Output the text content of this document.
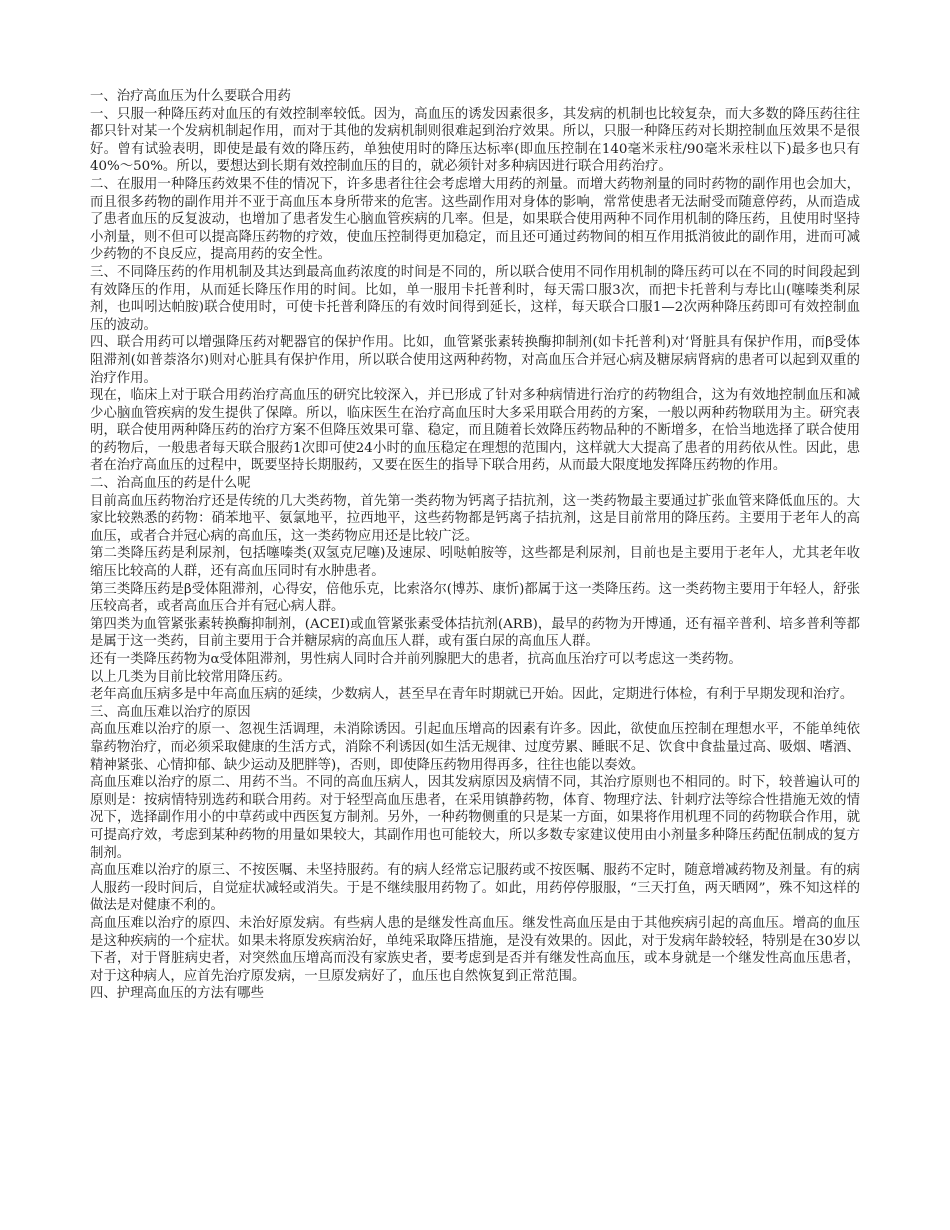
一、治疗高血压为什么要联合用药

一、只服一种降压药对血压的有效控制率较低。因为，高血压的诱发因素很多，其发病的机制也比较复杂，而大多数的降压药往往都只针对某一个发病机制起作用，而对于其他的发病机制则很难起到治疗效果。所以，只服一种降压药对长期控制血压效果不是很好。曾有试验表明，即使是最有效的降压药，单独使用时的降压达标率(即血压控制在140毫米汞柱/90毫米汞柱以下)最多也只有40%～50%。所以，要想达到长期有效控制血压的目的，就必须针对多种病因进行联合用药治疗。

二、在服用一种降压药效果不佳的情况下，许多患者往往会考虑增大用药的剂量。而增大药物剂量的同时药物的副作用也会加大，而且很多药物的副作用并不亚于高血压本身所带来的危害。这些副作用对身体的影响，常常使患者无法耐受而随意停药，从而造成了患者血压的反复波动，也增加了患者发生心脑血管疾病的几率。但是，如果联合使用两种不同作用机制的降压药，且使用时坚持小剂量，则不但可以提高降压药物的疗效，使血压控制得更加稳定，而且还可通过药物间的相互作用抵消彼此的副作用，进而可减少药物的不良反应，提高用药的安全性。

三、不同降压药的作用机制及其达到最高血药浓度的时间是不同的，所以联合使用不同作用机制的降压药可以在不同的时间段起到有效降压的作用，从而延长降压作用的时间。比如，单一服用卡托普利时，每天需口服3次，而把卡托普利与寿比山(噻嗪类利尿剂，也叫吲达帕胺)联合使用时，可使卡托普利降压的有效时间得到延长，这样，每天联合口服1—2次两种降压药即可有效控制血压的波动。

四、联合用药可以增强降压药对靶器官的保护作用。比如，血管紧张素转换酶抑制剂(如卡托普利)对‘肾脏具有保护作用，而β受体阻滞剂(如普萘洛尔)则对心脏具有保护作用，所以联合使用这两种药物，对高血压合并冠心病及糖尿病肾病的患者可以起到双重的治疗作用。

现在，临床上对于联合用药治疗高血压的研究比较深入，并已形成了针对多种病情进行治疗的药物组合，这为有效地控制血压和减少心脑血管疾病的发生提供了保障。所以，临床医生在治疗高血压时大多采用联合用药的方案，一般以两种药物联用为主。研究表明，联合使用两种降压药的治疗方案不但降压效果可靠、稳定，而且随着长效降压药物品种的不断增多，在恰当地选择了联合使用的药物后，一般患者每天联合服药1次即可使24小时的血压稳定在理想的范围内，这样就大大提高了患者的用药依从性。因此，患者在治疗高血压的过程中，既要坚持长期服药，又要在医生的指导下联合用药，从而最大限度地发挥降压药物的作用。

二、治高血压的药是什么呢

目前高血压药物治疗还是传统的几大类药物，首先第一类药物为钙离子拮抗剂，这一类药物最主要通过扩张血管来降低血压的。大家比较熟悉的药物：硝苯地平、氨氯地平，拉西地平，这些药物都是钙离子拮抗剂，这是目前常用的降压药。主要用于老年人的高血压，或者合并冠心病的高血压，这一类药物应用还是比较广泛。

第二类降压药是利尿剂，包括噻嗪类(双氢克尼噻)及速尿、吲哒帕胺等，这些都是利尿剂，目前也是主要用于老年人，尤其老年收缩压比较高的人群，还有高血压同时有水肿患者。

第三类降压药是β受体阻滞剂，心得安，倍他乐克，比索洛尔(博苏、康忻)都属于这一类降压药。这一类药物主要用于年轻人，舒张压较高者，或者高血压合并有冠心病人群。

第四类为血管紧张素转换酶抑制剂，(ACEI)或血管紧张素受体拮抗剂(ARB)，最早的药物为开博通，还有福辛普利、培多普利等都是属于这一类药，目前主要用于合并糖尿病的高血压人群，或有蛋白尿的高血压人群。

还有一类降压药物为α受体阻滞剂，男性病人同时合并前列腺肥大的患者，抗高血压治疗可以考虑这一类药物。

以上几类为目前比较常用降压药。

老年高血压病多是中年高血压病的延续，少数病人，甚至早在青年时期就已开始。因此，定期进行体检，有利于早期发现和治疗。

三、高血压难以治疗的原因

高血压难以治疗的原一、忽视生活调理，未消除诱因。引起血压增高的因素有许多。因此，欲使血压控制在理想水平，不能单纯依靠药物治疗，而必须采取健康的生活方式，消除不利诱因(如生活无规律、过度劳累、睡眠不足、饮食中食盐量过高、吸烟、嗜酒、精神紧张、心情抑郁、缺少运动及肥胖等)，否则，即使降压药物用得再多，往往也能以奏效。

高血压难以治疗的原二、用药不当。不同的高血压病人，因其发病原因及病情不同，其治疗原则也不相同的。时下，较普遍认可的原则是：按病情特别选药和联合用药。对于轻型高血压患者，在采用镇静药物，体育、物理疗法、针刺疗法等综合性措施无效的情况下，选择副作用小的中草药或中西医复方制剂。另外，一种药物侧重的只是某一方面，如果将作用机理不同的药物联合作用，就可提高疗效，考虑到某种药物的用量如果较大，其副作用也可能较大，所以多数专家建议使用由小剂量多种降压药配伍制成的复方制剂。

高血压难以治疗的原三、不按医嘱、未坚持服药。有的病人经常忘记服药或不按医嘱、服药不定时，随意增减药物及剂量。有的病人服药一段时间后，自觉症状减轻或消失。于是不继续服用药物了。如此，用药停停服服，“三天打鱼，两天晒网”，殊不知这样的做法是对健康不利的。

高血压难以治疗的原四、未治好原发病。有些病人患的是继发性高血压。继发性高血压是由于其他疾病引起的高血压。增高的血压是这种疾病的一个症状。如果未将原发疾病治好，单纯采取降压措施，是没有效果的。因此，对于发病年龄较轻，特别是在30岁以下者，对于肾脏病史者，对突然血压增高而没有家族史者，要考虑到是否并有继发性高血压，或本身就是一个继发性高血压患者，对于这种病人，应首先治疗原发病，一旦原发病好了，血压也自然恢复到正常范围。

四、护理高血压的方法有哪些
